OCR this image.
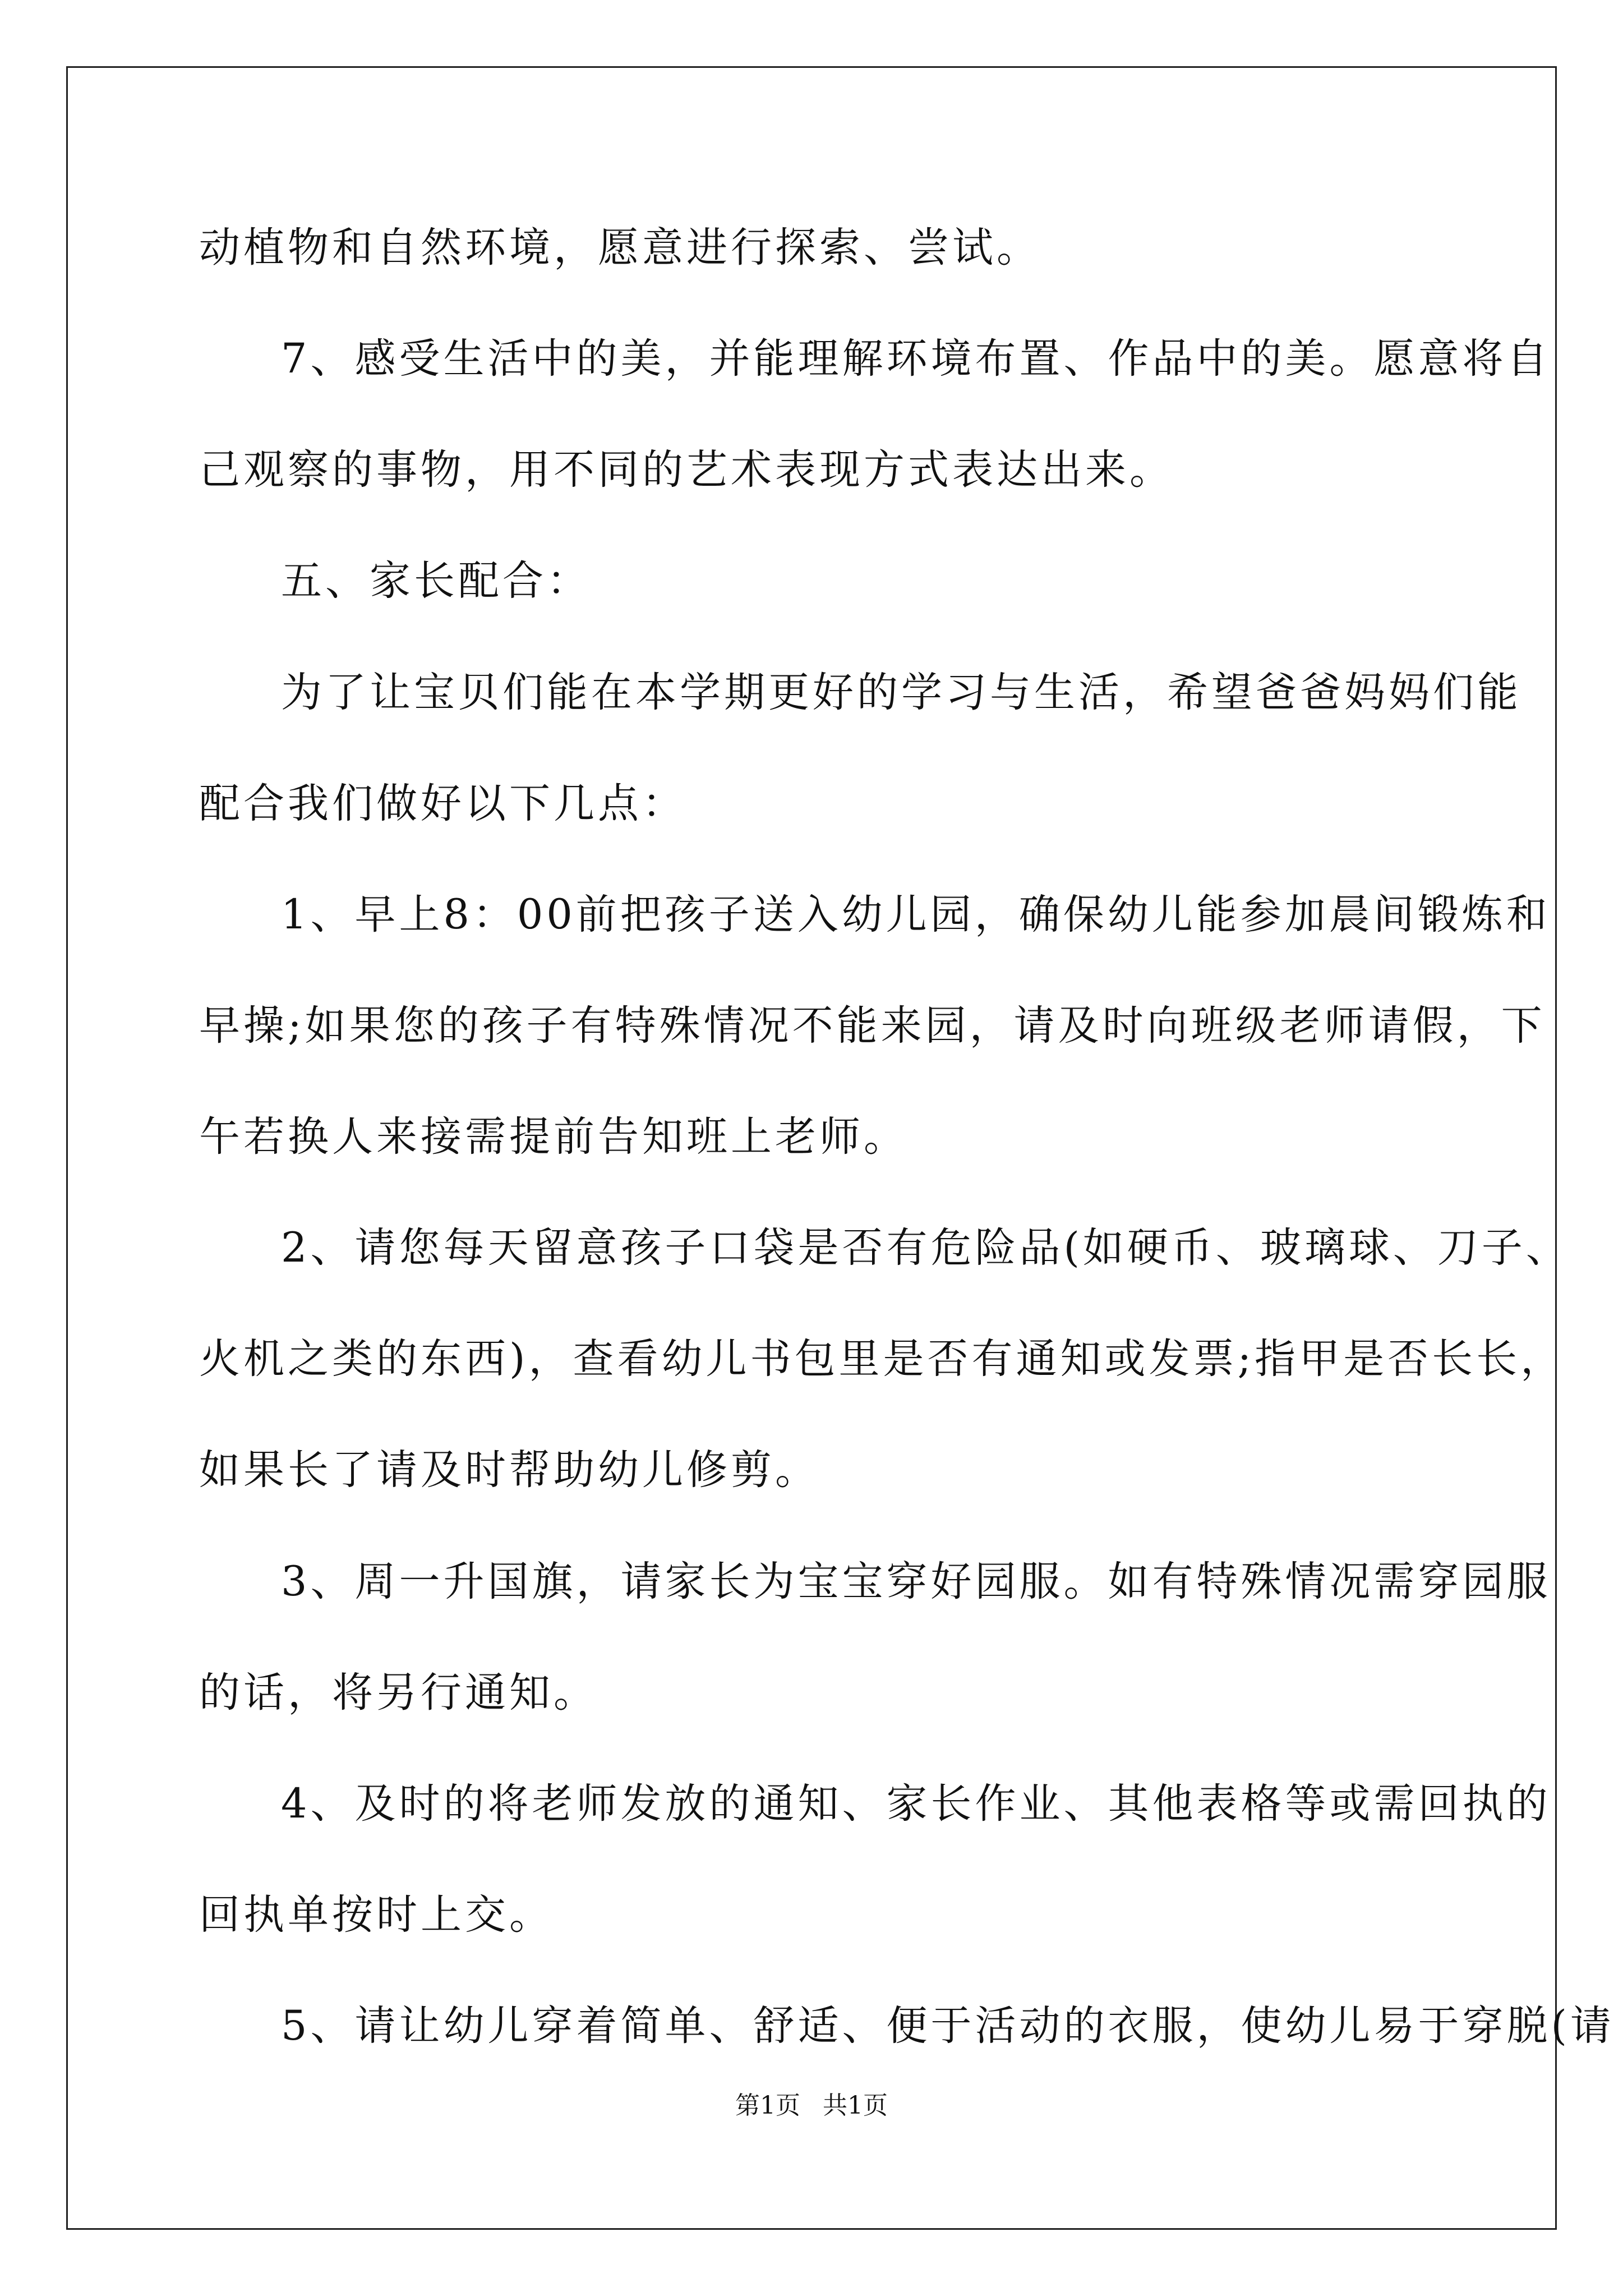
动植物和自然环境，愿意进行探索、尝试。
7、感受生活中的美，并能理解环境布置、作品中的美。愿意将自
己观察的事物，用不同的艺术表现方式表达出来。
五、家长配合：
为了让宝贝们能在本学期更好的学习与生活，希望爸爸妈妈们能
配合我们做好以下几点：
1、早上8：00前把孩子送入幼儿园，确保幼儿能参加晨间锻炼和
早操;如果您的孩子有特殊情况不能来园，请及时向班级老师请假，下
午若换人来接需提前告知班上老师。
2、请您每天留意孩子口袋是否有危险品(如硬币、玻璃球、刀子、
火机之类的东西)，查看幼儿书包里是否有通知或发票;指甲是否长长，
如果长了请及时帮助幼儿修剪。
3、周一升国旗，请家长为宝宝穿好园服。如有特殊情况需穿园服
的话，将另行通知。
4、及时的将老师发放的通知、家长作业、其他表格等或需回执的
回执单按时上交。
5、请让幼儿穿着简单、舒适、便于活动的衣服，使幼儿易于穿脱(请
第1页 共1页
